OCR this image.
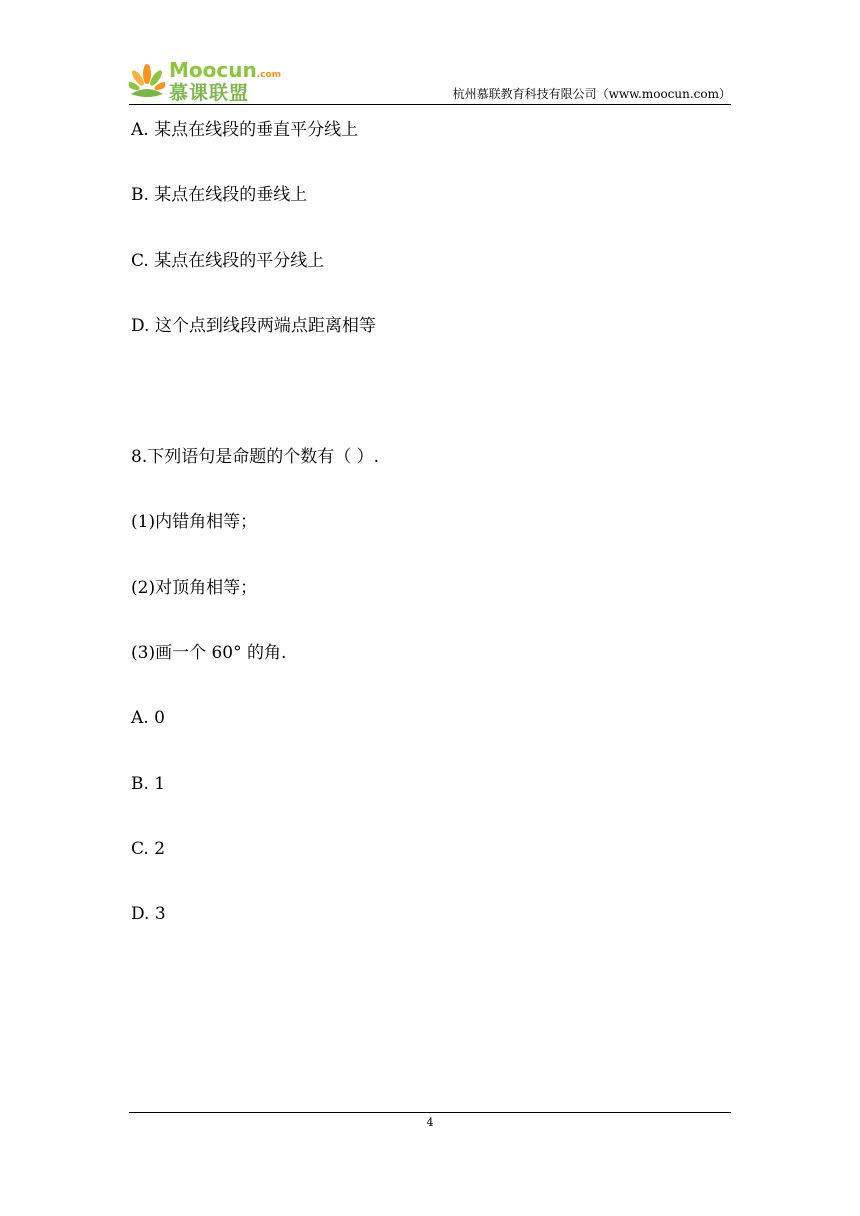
Moocun.com
慕课联盟	杭州慕联教育科技有限公司（www.moocun.com）
A. 某点在线段的垂直平分线上
B. 某点在线段的垂线上
C. 某点在线段的平分线上
D. 这个点到线段两端点距离相等
8.下列语句是命题的个数有（ ）.
(1)内错角相等；
(2)对顶角相等；
(3)画一个 60° 的角.
A. 0
B. 1
C. 2
D. 3
4
